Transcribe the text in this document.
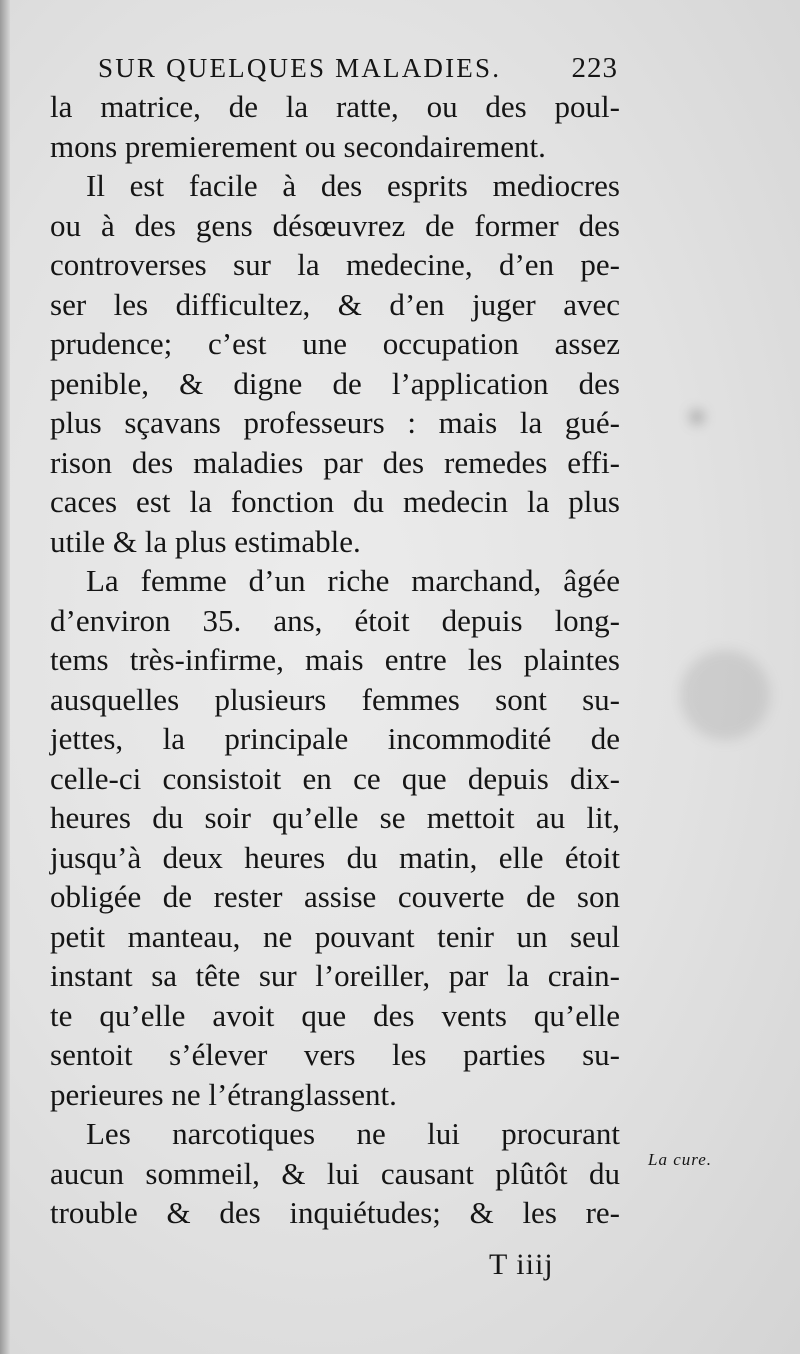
SUR QUELQUES MALADIES. 223
la matrice, de la ratte, ou des poul-
mons premierement ou secondairement.
Il est facile à des esprits mediocres
ou à des gens désœuvrez de former des
controverses sur la medecine, d’en pe-
ser les difficultez, & d’en juger avec
prudence; c’est une occupation assez
penible, & digne de l’application des
plus sçavans professeurs : mais la gué-
rison des maladies par des remedes effi-
caces est la fonction du medecin la plus
utile & la plus estimable.
La femme d’un riche marchand, âgée
d’environ 35. ans, étoit depuis long-
tems très-infirme, mais entre les plaintes
ausquelles plusieurs femmes sont su-
jettes, la principale incommodité de
celle-ci consistoit en ce que depuis dix-
heures du soir qu’elle se mettoit au lit,
jusqu’à deux heures du matin, elle étoit
obligée de rester assise couverte de son
petit manteau, ne pouvant tenir un seul
instant sa tête sur l’oreiller, par la crain-
te qu’elle avoit que des vents qu’elle
sentoit s’élever vers les parties su-
perieures ne l’étranglassent.
Les narcotiques ne lui procurant
aucun sommeil, & lui causant plûtôt du
trouble & des inquiétudes; & les re-
La cure.
T iiij
